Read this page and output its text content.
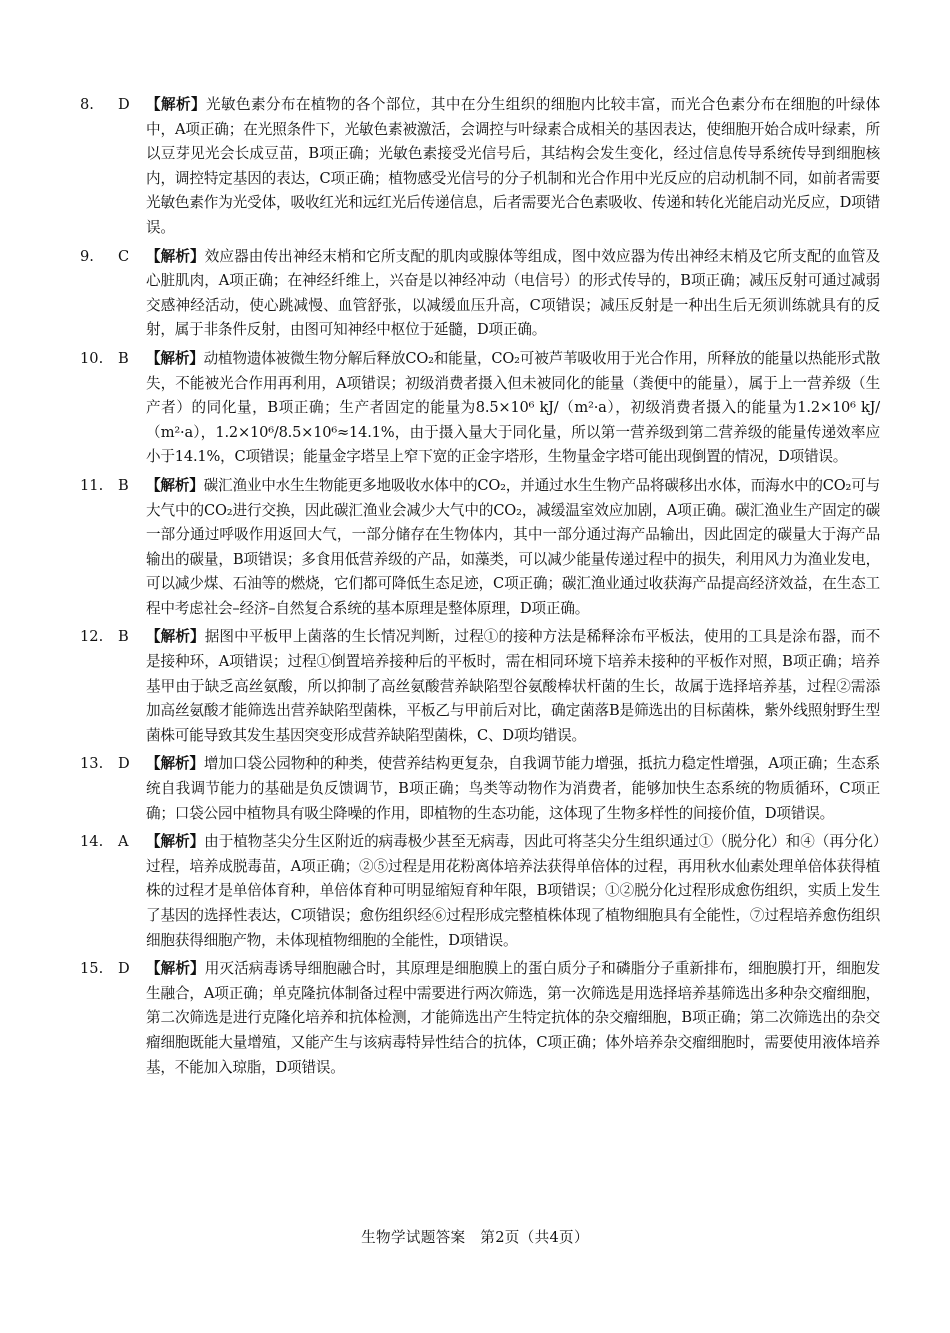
8.	D	【解析】光敏色素分布在植物的各个部位，其中在分生组织的细胞内比较丰富，而光合色素分布在细胞的叶绿体中，A项正确；在光照条件下，光敏色素被激活，会调控与叶绿素合成相关的基因表达，使细胞开始合成叶绿素，所以豆芽见光会长成豆苗，B项正确；光敏色素接受光信号后，其结构会发生变化，经过信息传导系统传导到细胞核内，调控特定基因的表达，C项正确；植物感受光信号的分子机制和光合作用中光反应的启动机制不同，如前者需要光敏色素作为光受体，吸收红光和远红光后传递信息，后者需要光合色素吸收、传递和转化光能启动光反应，D项错误。
9.	C	【解析】效应器由传出神经末梢和它所支配的肌肉或腺体等组成，图中效应器为传出神经末梢及它所支配的血管及心脏肌肉，A项正确；在神经纤维上，兴奋是以神经冲动（电信号）的形式传导的，B项正确；减压反射可通过减弱交感神经活动，使心跳减慢、血管舒张，以减缓血压升高，C项错误；减压反射是一种出生后无须训练就具有的反射，属于非条件反射，由图可知神经中枢位于延髓，D项正确。
10.	B	【解析】动植物遗体被微生物分解后释放CO₂和能量，CO₂可被芦苇吸收用于光合作用，所释放的能量以热能形式散失，不能被光合作用再利用，A项错误；初级消费者摄入但未被同化的能量（粪便中的能量），属于上一营养级（生产者）的同化量，B项正确；生产者固定的能量为8.5×10⁶ kJ/（m²·a），初级消费者摄入的能量为1.2×10⁶ kJ/（m²·a），1.2×10⁶/8.5×10⁶≈14.1%，由于摄入量大于同化量，所以第一营养级到第二营养级的能量传递效率应小于14.1%，C项错误；能量金字塔呈上窄下宽的正金字塔形，生物量金字塔可能出现倒置的情况，D项错误。
11.	B	【解析】碳汇渔业中水生生物能更多地吸收水体中的CO₂，并通过水生生物产品将碳移出水体，而海水中的CO₂可与大气中的CO₂进行交换，因此碳汇渔业会减少大气中的CO₂，减缓温室效应加剧，A项正确。碳汇渔业生产固定的碳一部分通过呼吸作用返回大气，一部分储存在生物体内，其中一部分通过海产品输出，因此固定的碳量大于海产品输出的碳量，B项错误；多食用低营养级的产品，如藻类，可以减少能量传递过程中的损失，利用风力为渔业发电，可以减少煤、石油等的燃烧，它们都可降低生态足迹，C项正确；碳汇渔业通过收获海产品提高经济效益，在生态工程中考虑社会–经济–自然复合系统的基本原理是整体原理，D项正确。
12.	B	【解析】据图中平板甲上菌落的生长情况判断，过程①的接种方法是稀释涂布平板法，使用的工具是涂布器，而不是接种环，A项错误；过程①倒置培养接种后的平板时，需在相同环境下培养未接种的平板作对照，B项正确；培养基甲由于缺乏高丝氨酸，所以抑制了高丝氨酸营养缺陷型谷氨酸棒状杆菌的生长，故属于选择培养基，过程②需添加高丝氨酸才能筛选出营养缺陷型菌株，平板乙与甲前后对比，确定菌落B是筛选出的目标菌株，紫外线照射野生型菌株可能导致其发生基因突变形成营养缺陷型菌株，C、D项均错误。
13.	D	【解析】增加口袋公园物种的种类，使营养结构更复杂，自我调节能力增强，抵抗力稳定性增强，A项正确；生态系统自我调节能力的基础是负反馈调节，B项正确；鸟类等动物作为消费者，能够加快生态系统的物质循环，C项正确；口袋公园中植物具有吸尘降噪的作用，即植物的生态功能，这体现了生物多样性的间接价值，D项错误。
14.	A	【解析】由于植物茎尖分生区附近的病毒极少甚至无病毒，因此可将茎尖分生组织通过①（脱分化）和④（再分化）过程，培养成脱毒苗，A项正确；②⑤过程是用花粉离体培养法获得单倍体的过程，再用秋水仙素处理单倍体获得植株的过程才是单倍体育种，单倍体育种可明显缩短育种年限，B项错误；①②脱分化过程形成愈伤组织，实质上发生了基因的选择性表达，C项错误；愈伤组织经⑥过程形成完整植株体现了植物细胞具有全能性，⑦过程培养愈伤组织细胞获得细胞产物，未体现植物细胞的全能性，D项错误。
15.	D	【解析】用灭活病毒诱导细胞融合时，其原理是细胞膜上的蛋白质分子和磷脂分子重新排布，细胞膜打开，细胞发生融合，A项正确；单克隆抗体制备过程中需要进行两次筛选，第一次筛选是用选择培养基筛选出多种杂交瘤细胞，第二次筛选是进行克隆化培养和抗体检测，才能筛选出产生特定抗体的杂交瘤细胞，B项正确；第二次筛选出的杂交瘤细胞既能大量增殖，又能产生与该病毒特异性结合的抗体，C项正确；体外培养杂交瘤细胞时，需要使用液体培养基，不能加入琼脂，D项错误。
生物学试题答案　第2页（共4页）
